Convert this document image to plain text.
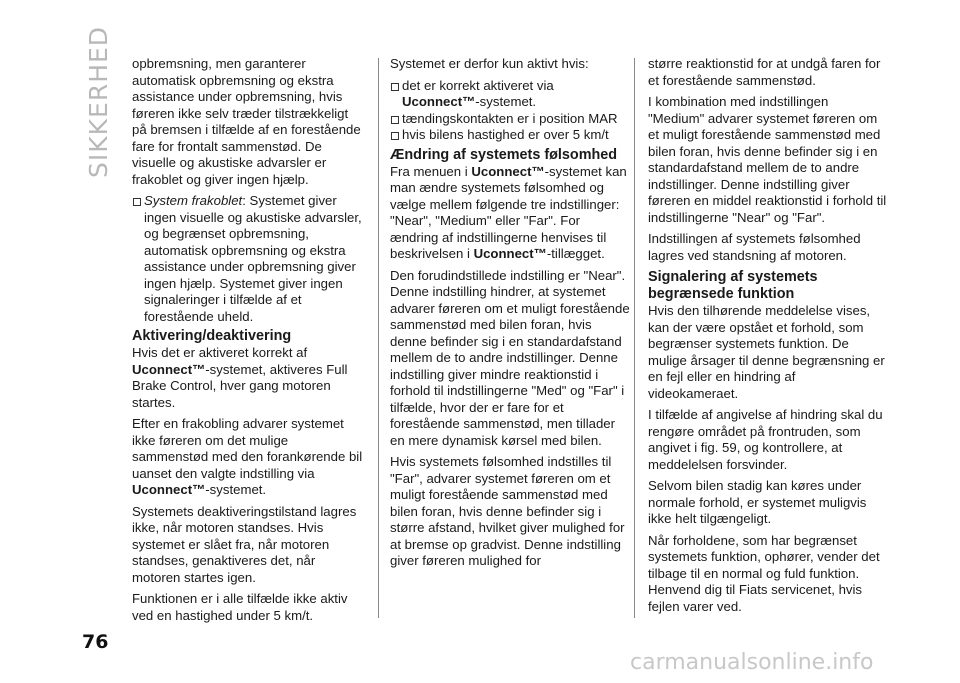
SIKKERHED
76

opbremsning, men garanterer automatisk opbremsning og ekstra assistance under opbremsning, hvis føreren ikke selv træder tilstrækkeligt på bremsen i tilfælde af en forestående fare for frontalt sammenstød. De visuelle og akustiske advarsler er frakoblet og giver ingen hjælp.

System frakoblet: Systemet giver ingen visuelle og akustiske advarsler, og begrænset opbremsning, automatisk opbremsning og ekstra assistance under opbremsning giver ingen hjælp. Systemet giver ingen signaleringer i tilfælde af et forestående uheld.

Aktivering/deaktivering

Hvis det er aktiveret korrekt af Uconnect™-systemet, aktiveres Full Brake Control, hver gang motoren startes.

Efter en frakobling advarer systemet ikke føreren om det mulige sammenstød med den forankørende bil uanset den valgte indstilling via Uconnect™-systemet.

Systemets deaktiveringstilstand lagres ikke, når motoren standses. Hvis systemet er slået fra, når motoren standses, genaktiveres det, når motoren startes igen.

Funktionen er i alle tilfælde ikke aktiv ved en hastighed under 5 km/t.

Systemet er derfor kun aktivt hvis:

det er korrekt aktiveret via Uconnect™-systemet.

tændingskontakten er i position MAR

hvis bilens hastighed er over 5 km/t

Ændring af systemets følsomhed

Fra menuen i Uconnect™-systemet kan man ændre systemets følsomhed og vælge mellem følgende tre indstillinger: "Near", "Medium" eller "Far". For ændring af indstillingerne henvises til beskrivelsen i Uconnect™-tillægget.

Den forudindstillede indstilling er "Near". Denne indstilling hindrer, at systemet advarer føreren om et muligt forestående sammenstød med bilen foran, hvis denne befinder sig i en standardafstand mellem de to andre indstillinger. Denne indstilling giver mindre reaktionstid i forhold til indstillingerne "Med" og "Far" i tilfælde, hvor der er fare for et forestående sammenstød, men tillader en mere dynamisk kørsel med bilen.

Hvis systemets følsomhed indstilles til "Far", advarer systemet føreren om et muligt forestående sammenstød med bilen foran, hvis denne befinder sig i større afstand, hvilket giver mulighed for at bremse op gradvist. Denne indstilling giver føreren mulighed for

større reaktionstid for at undgå faren for et forestående sammenstød.

I kombination med indstillingen "Medium" advarer systemet føreren om et muligt forestående sammenstød med bilen foran, hvis denne befinder sig i en standardafstand mellem de to andre indstillinger. Denne indstilling giver føreren en middel reaktionstid i forhold til indstillingerne "Near" og "Far".

Indstillingen af systemets følsomhed lagres ved standsning af motoren.

Signalering af systemets begrænsede funktion

Hvis den tilhørende meddelelse vises, kan der være opstået et forhold, som begrænser systemets funktion. De mulige årsager til denne begrænsning er en fejl eller en hindring af videokameraet.

I tilfælde af angivelse af hindring skal du rengøre området på frontruden, som angivet i fig. 59, og kontrollere, at meddelelsen forsvinder.

Selvom bilen stadig kan køres under normale forhold, er systemet muligvis ikke helt tilgængeligt.

Når forholdene, som har begrænset systemets funktion, ophører, vender det tilbage til en normal og fuld funktion. Henvend dig til Fiats servicenet, hvis fejlen varer ved.

carmanualsonline.info
